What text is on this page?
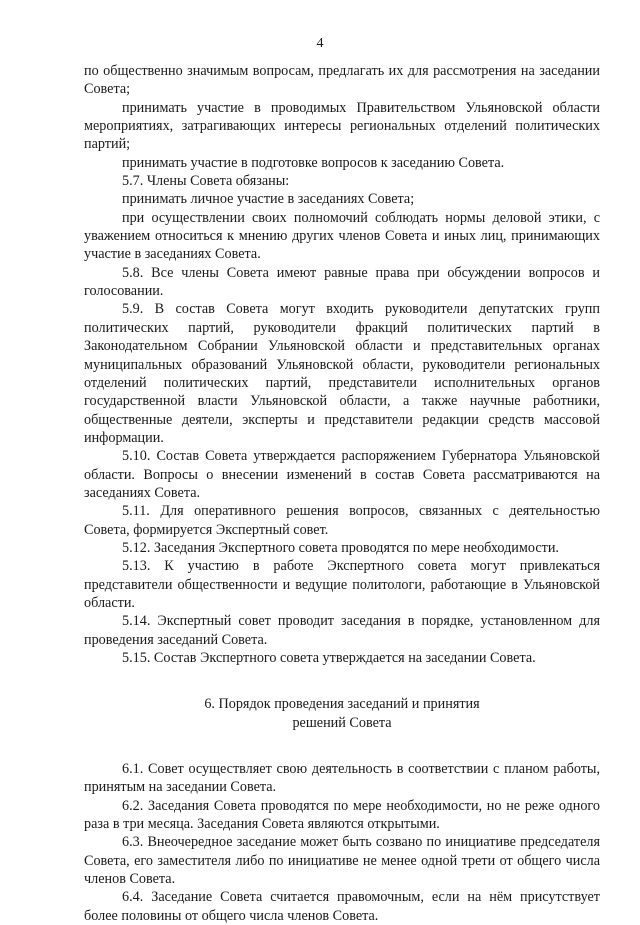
4

по общественно значимым вопросам, предлагать их для рассмотрения на заседании Совета;

принимать участие в проводимых Правительством Ульяновской области мероприятиях, затрагивающих интересы региональных отделений политических партий;

принимать участие в подготовке вопросов к заседанию Совета.

5.7. Члены Совета обязаны:

принимать личное участие в заседаниях Совета;

при осуществлении своих полномочий соблюдать нормы деловой этики, с уважением относиться к мнению других членов Совета и иных лиц, принимающих участие в заседаниях Совета.

5.8. Все члены Совета имеют равные права при обсуждении вопросов и голосовании.

5.9. В состав Совета могут входить руководители депутатских групп политических партий, руководители фракций политических партий в Законодательном Собрании Ульяновской области и представительных органах муниципальных образований Ульяновской области, руководители региональных отделений политических партий, представители исполнительных органов государственной власти Ульяновской области, а также научные работники, общественные деятели, эксперты и представители редакции средств массовой информации.

5.10. Состав Совета утверждается распоряжением Губернатора Ульяновской области. Вопросы о внесении изменений в состав Совета рассматриваются на заседаниях Совета.

5.11. Для оперативного решения вопросов, связанных с деятельностью Совета, формируется Экспертный совет.

5.12. Заседания Экспертного совета проводятся по мере необходимости.

5.13. К участию в работе Экспертного совета могут привлекаться представители общественности и ведущие политологи, работающие в Ульяновской области.

5.14. Экспертный совет проводит заседания в порядке, установленном для проведения заседаний Совета.

5.15. Состав Экспертного совета утверждается на заседании Совета.

6. Порядок проведения заседаний и принятия
решений Совета

6.1. Совет осуществляет свою деятельность в соответствии с планом работы, принятым на заседании Совета.

6.2. Заседания Совета проводятся по мере необходимости, но не реже одного раза в три месяца. Заседания Совета являются открытыми.

6.3. Внеочередное заседание может быть созвано по инициативе председателя Совета, его заместителя либо по инициативе не менее одной трети от общего числа членов Совета.

6.4. Заседание Совета считается правомочным, если на нём присутствует более половины от общего числа членов Совета.
